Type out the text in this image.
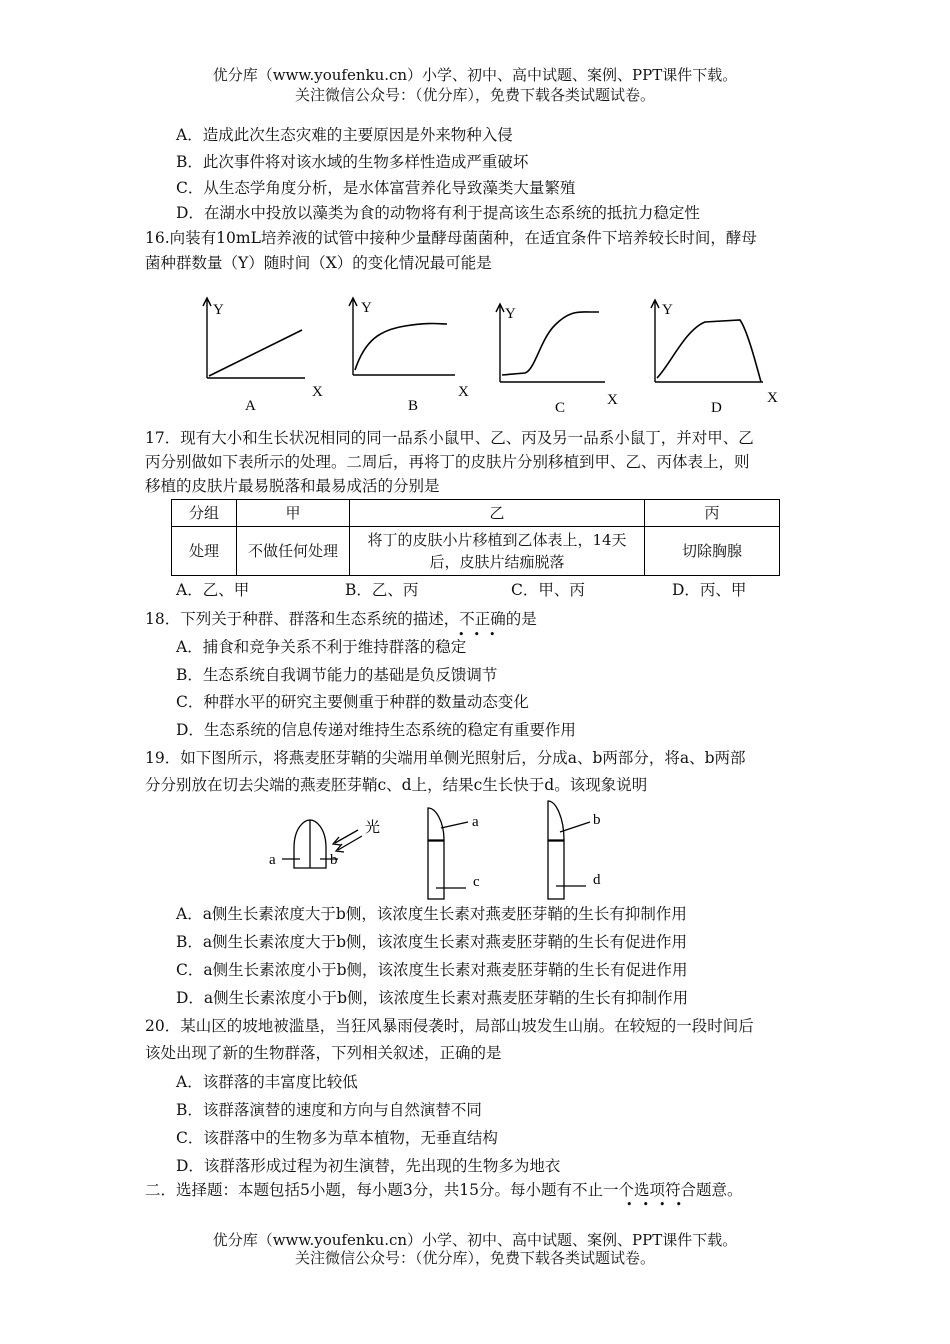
优分库（www.youfenku.cn）小学、初中、高中试题、案例、PPT课件下载。
关注微信公众号：（优分库），免费下载各类试题试卷。
A．造成此次生态灾难的主要原因是外来物种入侵
B．此次事件将对该水域的生物多样性造成严重破坏
C．从生态学角度分析，是水体富营养化导致藻类大量繁殖
D．在湖水中投放以藻类为食的动物将有利于提高该生态系统的抵抗力稳定性
16.向装有10mL培养液的试管中接种少量酵母菌菌种，在适宜条件下培养较长时间，酵母
菌种群数量（Y）随时间（X）的变化情况最可能是
Y
X
A
Y
X
B
Y
X
C
Y
X
D
17．现有大小和生长状况相同的同一品系小鼠甲、乙、丙及另一品系小鼠丁，并对甲、乙
丙分别做如下表所示的处理。二周后，再将丁的皮肤片分别移植到甲、乙、丙体表上，则
移植的皮肤片最易脱落和最易成活的分别是
分组	甲	乙	丙
处理	不做任何处理	将丁的皮肤小片移植到乙体表上，14天
后，皮肤片结痂脱落	切除胸腺
A．乙、甲	B．乙、丙	C．甲、丙	D．丙、甲
18．下列关于种群、群落和生态系统的描述，不正确的是
•••
A．捕食和竞争关系不利于维持群落的稳定
B．生态系统自我调节能力的基础是负反馈调节
C．种群水平的研究主要侧重于种群的数量动态变化
D．生态系统的信息传递对维持生态系统的稳定有重要作用
19．如下图所示，将燕麦胚芽鞘的尖端用单侧光照射后，分成a、b两部分，将a、b两部
分分别放在切去尖端的燕麦胚芽鞘c、d上，结果c生长快于d。该现象说明
光
a	b
a
c
b
d
A．a侧生长素浓度大于b侧，该浓度生长素对燕麦胚芽鞘的生长有抑制作用
B．a侧生长素浓度大于b侧，该浓度生长素对燕麦胚芽鞘的生长有促进作用
C．a侧生长素浓度小于b侧，该浓度生长素对燕麦胚芽鞘的生长有促进作用
D．a侧生长素浓度小于b侧，该浓度生长素对燕麦胚芽鞘的生长有抑制作用
20．某山区的坡地被滥垦，当狂风暴雨侵袭时，局部山坡发生山崩。在较短的一段时间后
该处出现了新的生物群落，下列相关叙述，正确的是
A．该群落的丰富度比较低
B．该群落演替的速度和方向与自然演替不同
C．该群落中的生物多为草本植物，无垂直结构
D．该群落形成过程为初生演替，先出现的生物多为地衣
二．选择题：本题包括5小题，每小题3分，共15分。每小题有不止一个选项符合题意。
••••
优分库（www.youfenku.cn）小学、初中、高中试题、案例、PPT课件下载。
关注微信公众号：（优分库），免费下载各类试题试卷。
